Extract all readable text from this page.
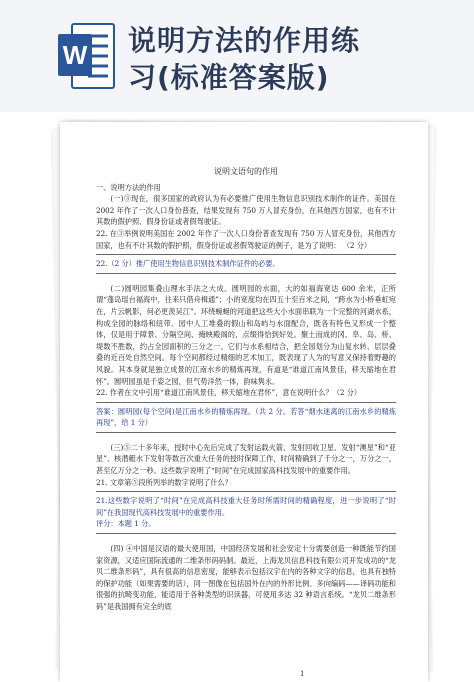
W 说明方法的作用练
习(标准答案版)
1
说明文语句的作用

一、说明方法的作用

(一)③现在，很多国家的政府认为有必要推广使用生物信息识别技术制作的证件。美国在 2002 年作了一次人口身份普查，结果发现有 750 万人冒充身份，在其他西方国家，也有不计其数的假护照、假身份证或者假驾驶证。

22. 在③举例说明美国在 2002 年作了一次人口身份普查发现有 750 万人冒充身份，其他西方国家，也有不计其数的假护照，假身份证或者假驾驶证的例子，是为了说明： （2 分）

22.（2 分）推广使用生物信息识别技术制作证件的必要。

(二)圆明园集叠山理水手法之大成。圆明园的水面，大的如福海宽达 600 余米，正所谓“蓬岛瑶台福海中，往来只借舟楫通”；小的宽度均在四五十至百米之间，“跨水为小桥垂虹宛在，片云帆影，何必更羡吴江”。环绕蜿蜒的河道把这些大小水面串联为一个完整的河湖水系，构成全园的脉络和纽带。园中人工堆叠的假山和岛屿与水面配合，既各有特色又形成一个整体，仅是用于障景、分隔空间、掩映殿阁的，点缀得恰到好处。聚土而成的冈、阜、岛、桥、堤数不胜数，约占全园面积的三分之一。它们与水系相结合，把全园划分为山复水转、层层叠叠的近百处自然空间。每个空间都经过精细的艺术加工，既表现了人为的写意又保持着野趣的风貌。其本身就是独立成景的江南水乡的精炼再现，有道是“谁道江南风景佳，移天缩地在君怀”。圆明园虽是千姿之园，但气势洋然一体，韵味隽永。

22. 作者在文中引用“谁道江南风景佳，移天缩地在君怀”，意在说明什么？（2 分）

答案：圆明园(每个空间)是江南水乡的精炼再现。（共 2 分。若答“烟水迷离的江南水乡的精炼再现”，给 1 分）

(三)⑤二十多年来，授时中心先后完成了发射运载火箭、发射回收卫星、发射“澳星”和“亚星”、核潜艇水下发射等数百次重大任务的授时保障工作，时间精确到了千分之一，万分之一，甚至亿万分之一秒。这些数字说明了“时间”在完成国家高科技发展中的重要作用。

21. 文章第⑤段所列举的数字说明了什么？

21.这些数字说明了“时间”在完成高科技重大任务时所需时间的精确程度，进一步说明了“时间”在我国现代高科技发展中的重要作用。

评分：本题 1 分。

(四) ④中国是汉语的最大使用国，中国经济发展和社会安定十分需要创造一种既能节约国家资源，又适应国际流通的二维条形码码制。最近，上海龙贝信息科技有限公司开发成功的“龙贝二维条形码”，具有很高的信息密度，能够表示包括汉字在内的各种文字的信息，也具有独特的保护功能（如果需要的话），同一图像在包括国外在内的外形比例、多向编码——译码功能和很强的抗畸变功能，能适用于各种类型的识读器，可使用多达 32 种语言系统。“龙贝二维条形码”是我国拥有完全的底
